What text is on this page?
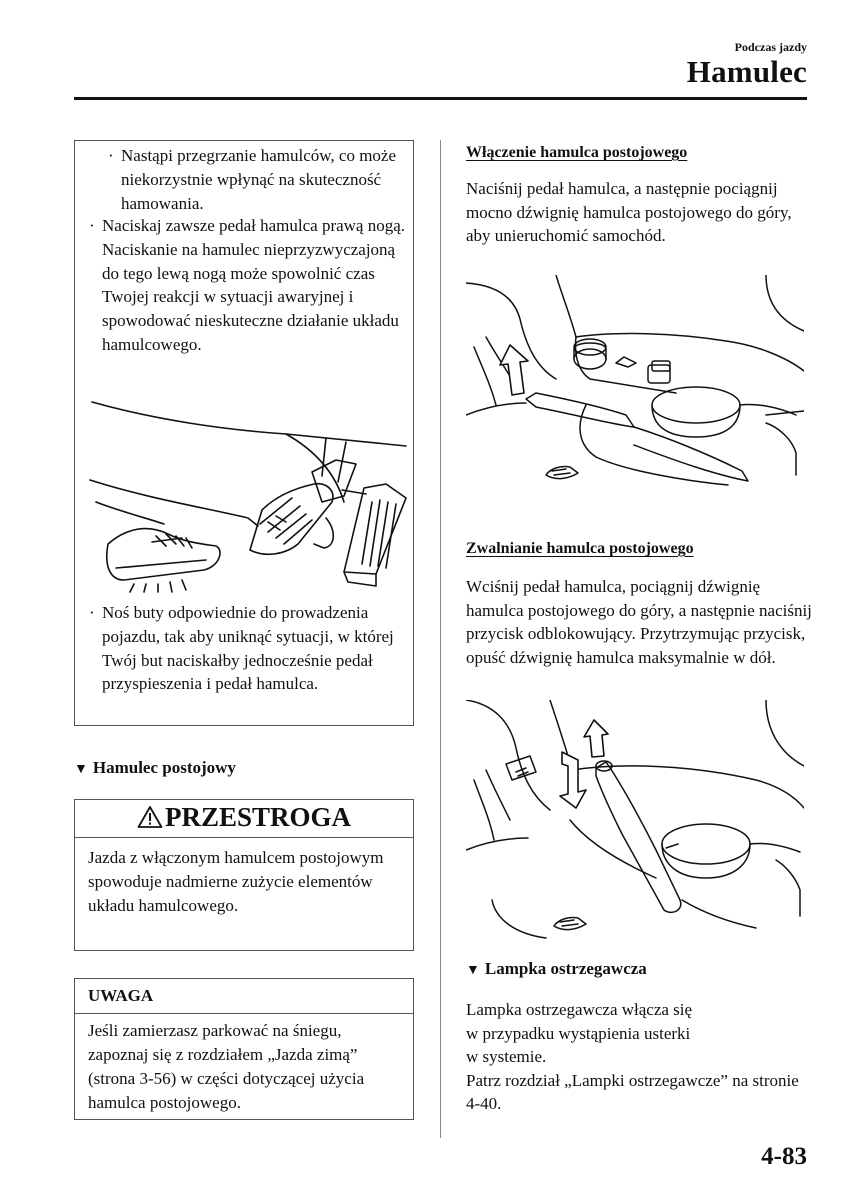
Podczas jazdy
Hamulec
· Nastąpi przegrzanie hamulców, co może niekorzystnie wpłynąć na skuteczność hamowania.
· Naciskaj zawsze pedał hamulca prawą nogą. Naciskanie na hamulec nieprzyzwyczajoną do tego lewą nogą może spowolnić czas Twojej reakcji w sytuacji awaryjnej i spowodować nieskuteczne działanie układu hamulcowego.
· Noś buty odpowiednie do prowadzenia pojazdu, tak aby uniknąć sytuacji, w której Twój but naciskałby jednocześnie pedał przyspieszenia i pedał hamulca.
▼ Hamulec postojowy
PRZESTROGA
Jazda z włączonym hamulcem postojowym spowoduje nadmierne zużycie elementów układu hamulcowego.
UWAGA
Jeśli zamierzasz parkować na śniegu, zapoznaj się z rozdziałem „Jazda zimą” (strona 3-56) w części dotyczącej użycia hamulca postojowego.
Włączenie hamulca postojowego
Naciśnij pedał hamulca, a następnie pociągnij mocno dźwignię hamulca postojowego do góry, aby unieruchomić samochód.
Zwalnianie hamulca postojowego
Wciśnij pedał hamulca, pociągnij dźwignię hamulca postojowego do góry, a następnie naciśnij przycisk odblokowujący. Przytrzymując przycisk, opuść dźwignię hamulca maksymalnie w dół.
▼ Lampka ostrzegawcza
Lampka ostrzegawcza włącza się
w przypadku wystąpienia usterki
w systemie.
Patrz rozdział „Lampki ostrzegawcze” na stronie 4-40.
4-83
